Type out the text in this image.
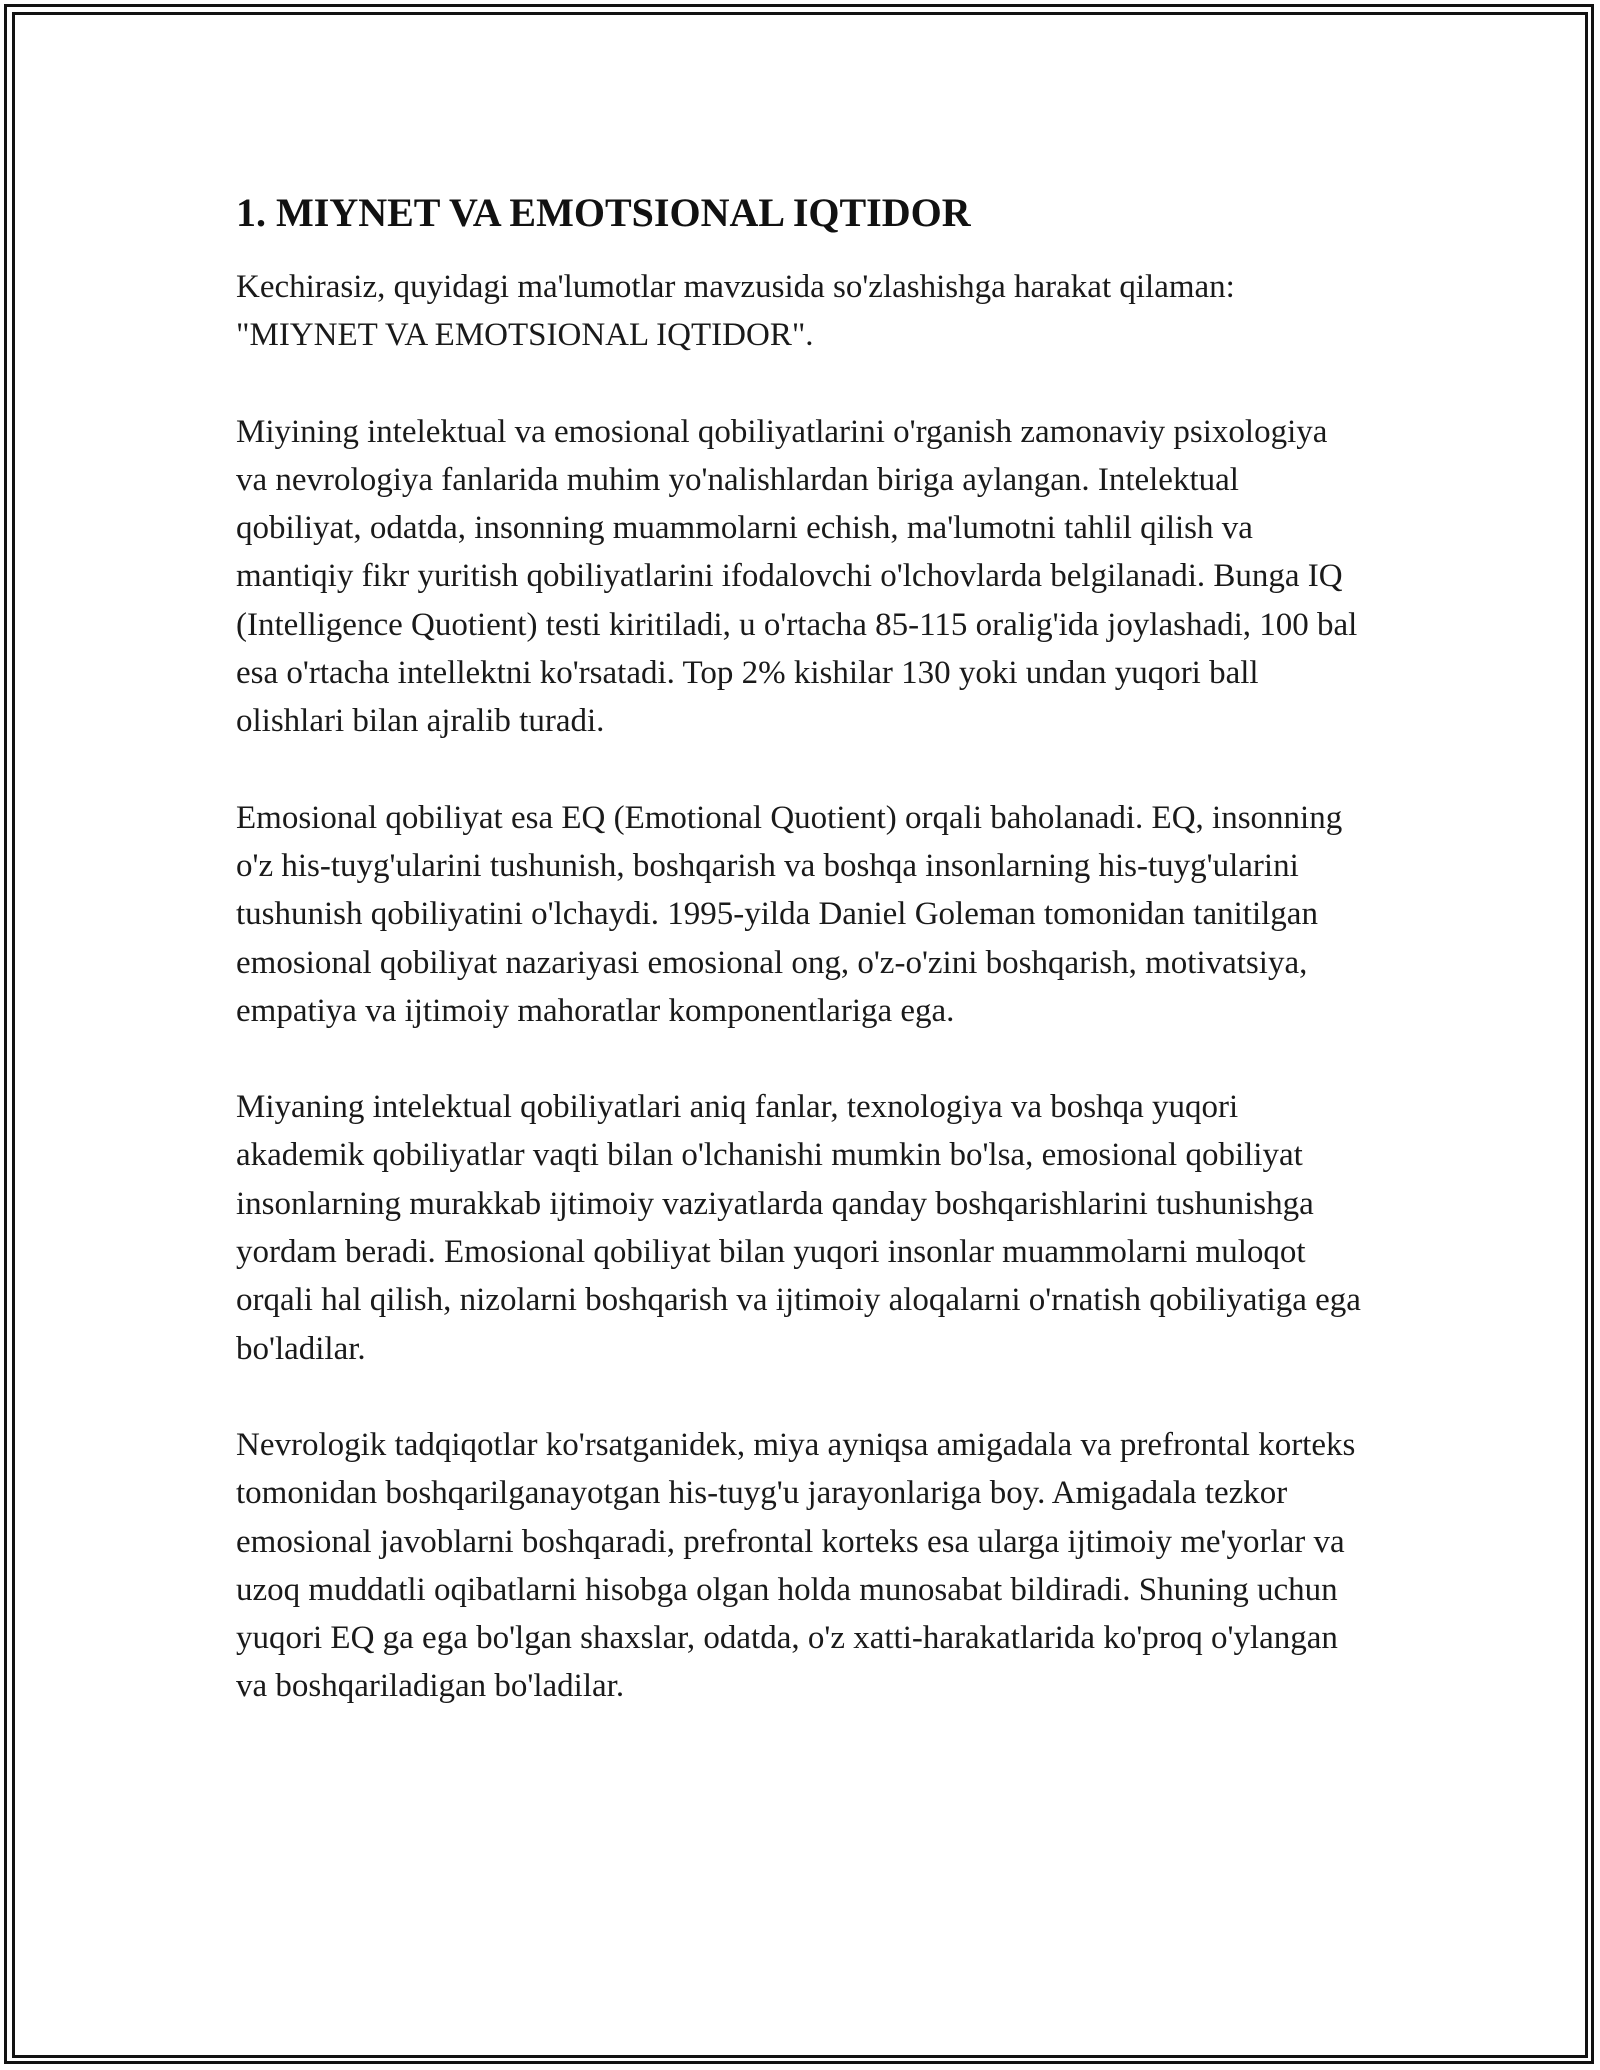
1. MIYNET VA EMOTSIONAL IQTIDOR

Kechirasiz, quyidagi ma'lumotlar mavzusida so'zlashishga harakat qilaman: "MIYNET VA EMOTSIONAL IQTIDOR".

Miyining intelektual va emosional qobiliyatlarini o'rganish zamonaviy psixologiya va nevrologiya fanlarida muhim yo'nalishlardan biriga aylangan. Intelektual qobiliyat, odatda, insonning muammolarni echish, ma'lumotni tahlil qilish va mantiqiy fikr yuritish qobiliyatlarini ifodalovchi o'lchovlarda belgilanadi. Bunga IQ (Intelligence Quotient) testi kiritiladi, u o'rtacha 85-115 oralig'ida joylashadi, 100 bal esa o'rtacha intellektni ko'rsatadi. Top 2% kishilar 130 yoki undan yuqori ball olishlari bilan ajralib turadi.

Emosional qobiliyat esa EQ (Emotional Quotient) orqali baholanadi. EQ, insonning o'z his-tuyg'ularini tushunish, boshqarish va boshqa insonlarning his-tuyg'ularini tushunish qobiliyatini o'lchaydi. 1995-yilda Daniel Goleman tomonidan tanitilgan emosional qobiliyat nazariyasi emosional ong, o'z-o'zini boshqarish, motivatsiya, empatiya va ijtimoiy mahoratlar komponentlariga ega.

Miyaning intelektual qobiliyatlari aniq fanlar, texnologiya va boshqa yuqori akademik qobiliyatlar vaqti bilan o'lchanishi mumkin bo'lsa, emosional qobiliyat insonlarning murakkab ijtimoiy vaziyatlarda qanday boshqarishlarini tushunishga yordam beradi. Emosional qobiliyat bilan yuqori insonlar muammolarni muloqot orqali hal qilish, nizolarni boshqarish va ijtimoiy aloqalarni o'rnatish qobiliyatiga ega bo'ladilar.

Nevrologik tadqiqotlar ko'rsatganidek, miya ayniqsa amigadala va prefrontal korteks tomonidan boshqarilganayotgan his-tuyg'u jarayonlariga boy. Amigadala tezkor emosional javoblarni boshqaradi, prefrontal korteks esa ularga ijtimoiy me'yorlar va uzoq muddatli oqibatlarni hisobga olgan holda munosabat bildiradi. Shuning uchun yuqori EQ ga ega bo'lgan shaxslar, odatda, o'z xatti-harakatlarida ko'proq o'ylangan va boshqariladigan bo'ladilar.
